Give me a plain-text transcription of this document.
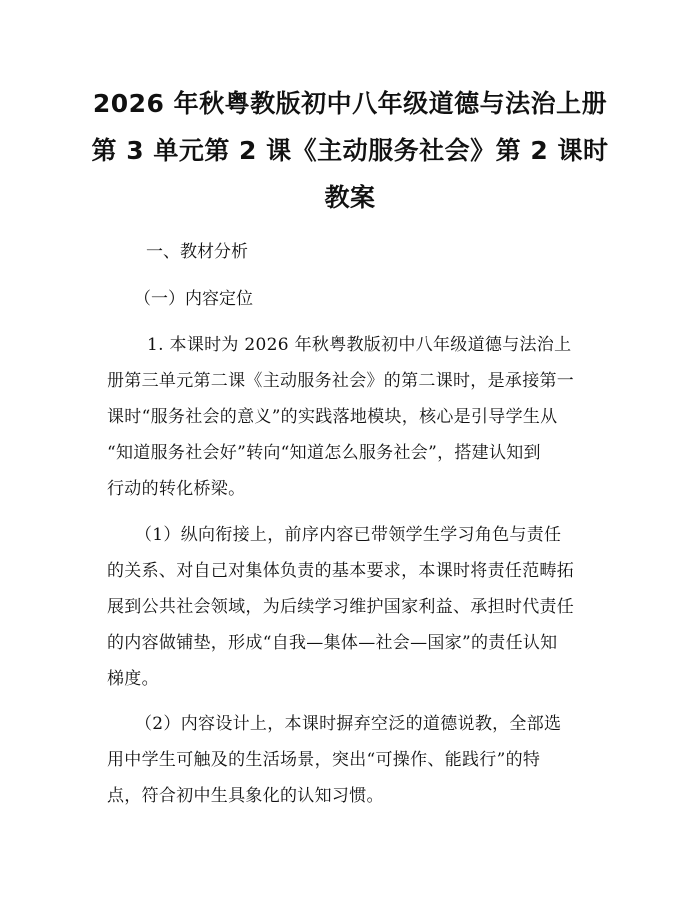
2026 年秋粤教版初中八年级道德与法治上册
第 3 单元第 2 课《主动服务社会》第 2 课时
教案
一、教材分析
（一）内容定位
1. 本课时为 2026 年秋粤教版初中八年级道德与法治上
册第三单元第二课《主动服务社会》的第二课时，是承接第一
课时“服务社会的意义”的实践落地模块，核心是引导学生从
“知道服务社会好”转向“知道怎么服务社会”，搭建认知到
行动的转化桥梁。
（1）纵向衔接上，前序内容已带领学生学习角色与责任
的关系、对自己对集体负责的基本要求，本课时将责任范畴拓
展到公共社会领域，为后续学习维护国家利益、承担时代责任
的内容做铺垫，形成“自我—集体—社会—国家”的责任认知
梯度。
（2）内容设计上，本课时摒弃空泛的道德说教，全部选
用中学生可触及的生活场景，突出“可操作、能践行”的特
点，符合初中生具象化的认知习惯。
